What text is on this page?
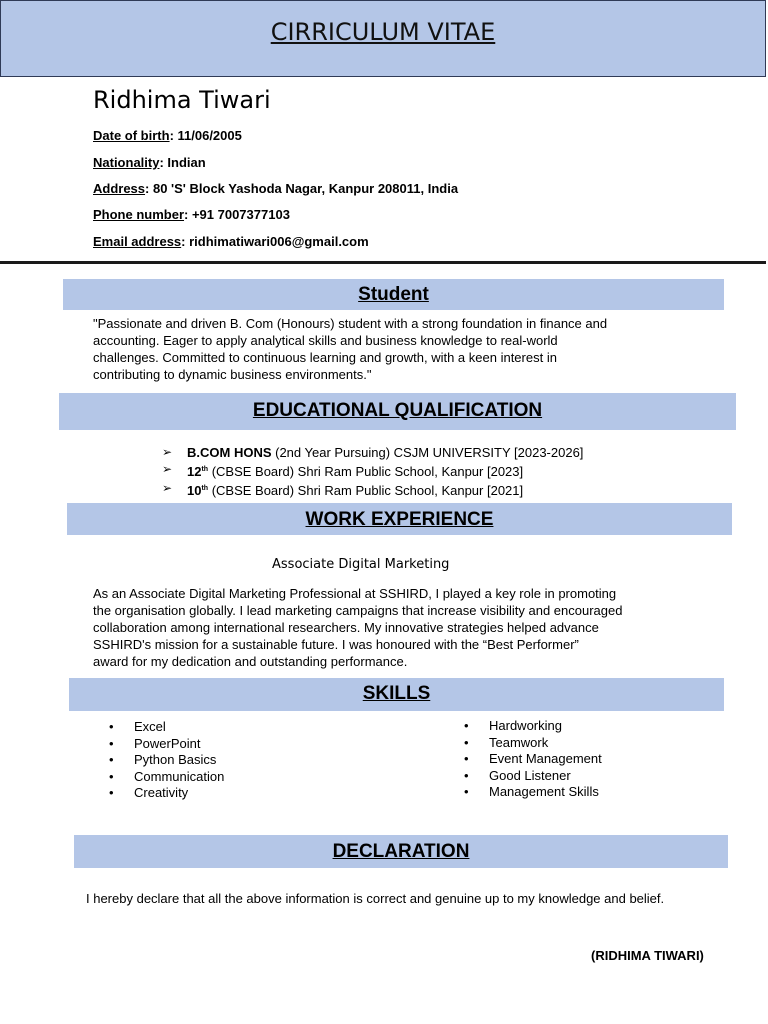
CIRRICULUM VITAE
Ridhima Tiwari
Date of birth: 11/06/2005
Nationality: Indian
Address: 80 'S' Block Yashoda Nagar, Kanpur 208011, India
Phone number: +91 7007377103
Email address: ridhimatiwari006@gmail.com
Student
"Passionate and driven B. Com (Honours) student with a strong foundation in finance and
accounting. Eager to apply analytical skills and business knowledge to real-world
challenges. Committed to continuous learning and growth, with a keen interest in
contributing to dynamic business environments."
EDUCATIONAL QUALIFICATION
➢ B.COM HONS (2nd Year Pursuing) CSJM UNIVERSITY [2023-2026]
➢ 12th (CBSE Board) Shri Ram Public School, Kanpur [2023]
➢ 10th (CBSE Board) Shri Ram Public School, Kanpur [2021]
WORK EXPERIENCE
Associate Digital Marketing
As an Associate Digital Marketing Professional at SSHIRD, I played a key role in promoting
the organisation globally. I lead marketing campaigns that increase visibility and encouraged
collaboration among international researchers. My innovative strategies helped advance
SSHIRD's mission for a sustainable future. I was honoured with the “Best Performer”
award for my dedication and outstanding performance.
SKILLS
• Excel
• PowerPoint
• Python Basics
• Communication
• Creativity
• Hardworking
• Teamwork
• Event Management
• Good Listener
• Management Skills
DECLARATION
I hereby declare that all the above information is correct and genuine up to my knowledge and belief.
(RIDHIMA TIWARI)
